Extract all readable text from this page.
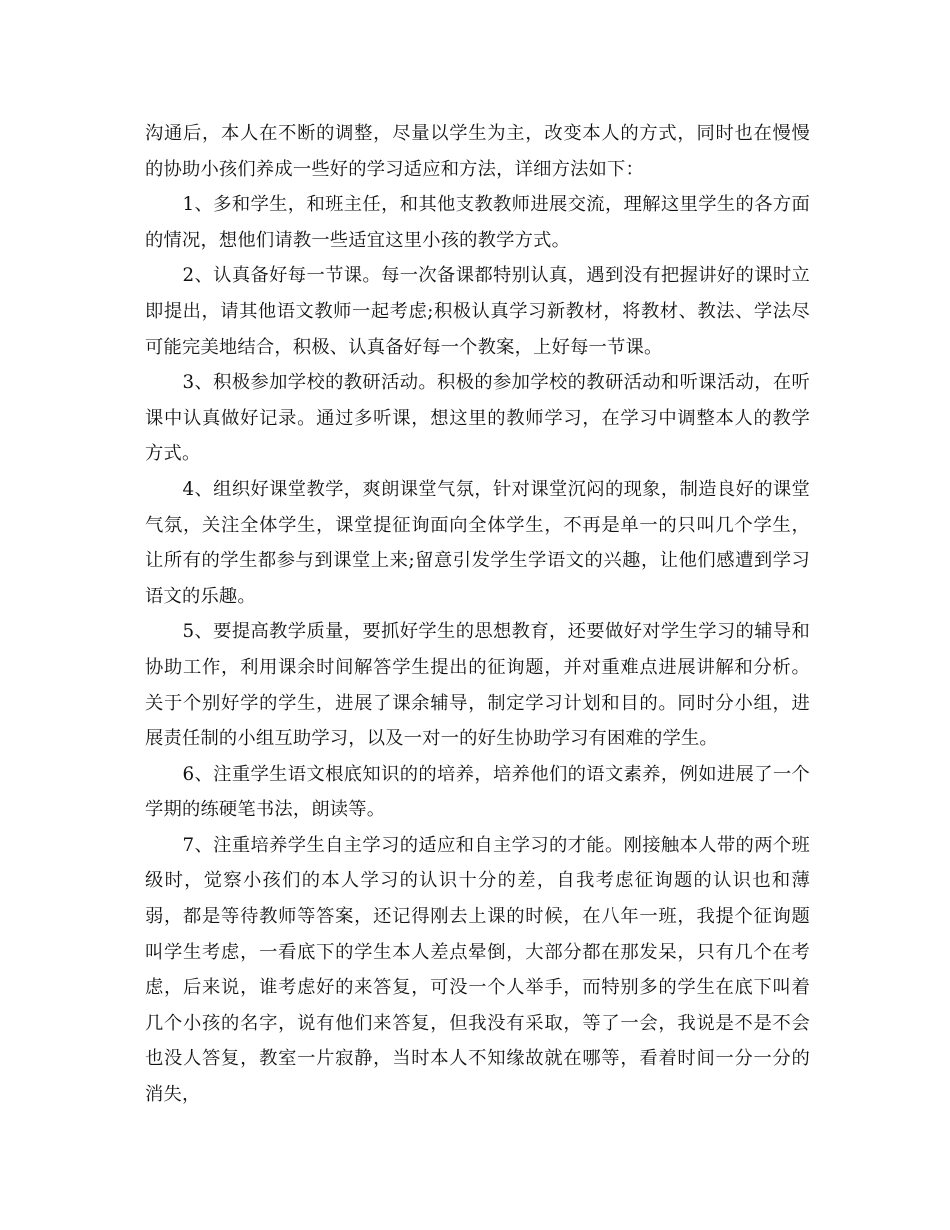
沟通后，本人在不断的调整，尽量以学生为主，改变本人的方式，同时也在慢慢的协助小孩们养成一些好的学习适应和方法，详细方法如下：

1、多和学生，和班主任，和其他支教教师进展交流，理解这里学生的各方面的情况，想他们请教一些适宜这里小孩的教学方式。

2、认真备好每一节课。每一次备课都特别认真，遇到没有把握讲好的课时立即提出，请其他语文教师一起考虑;积极认真学习新教材，将教材、教法、学法尽可能完美地结合，积极、认真备好每一个教案，上好每一节课。

3、积极参加学校的教研活动。积极的参加学校的教研活动和听课活动，在听课中认真做好记录。通过多听课，想这里的教师学习，在学习中调整本人的教学方式。

4、组织好课堂教学，爽朗课堂气氛，针对课堂沉闷的现象，制造良好的课堂气氛，关注全体学生，课堂提征询面向全体学生，不再是单一的只叫几个学生，让所有的学生都参与到课堂上来;留意引发学生学语文的兴趣，让他们感遭到学习语文的乐趣。

5、要提高教学质量，要抓好学生的思想教育，还要做好对学生学习的辅导和协助工作，利用课余时间解答学生提出的征询题，并对重难点进展讲解和分析。关于个别好学的学生，进展了课余辅导，制定学习计划和目的。同时分小组，进展责任制的小组互助学习，以及一对一的好生协助学习有困难的学生。

6、注重学生语文根底知识的的培养，培养他们的语文素养，例如进展了一个学期的练硬笔书法，朗读等。

7、注重培养学生自主学习的适应和自主学习的才能。刚接触本人带的两个班级时，觉察小孩们的本人学习的认识十分的差，自我考虑征询题的认识也和薄弱，都是等待教师等答案，还记得刚去上课的时候，在八年一班，我提个征询题叫学生考虑，一看底下的学生本人差点晕倒，大部分都在那发呆，只有几个在考虑，后来说，谁考虑好的来答复，可没一个人举手，而特别多的学生在底下叫着几个小孩的名字，说有他们来答复，但我没有采取，等了一会，我说是不是不会也没人答复，教室一片寂静，当时本人不知缘故就在哪等，看着时间一分一分的消失，
